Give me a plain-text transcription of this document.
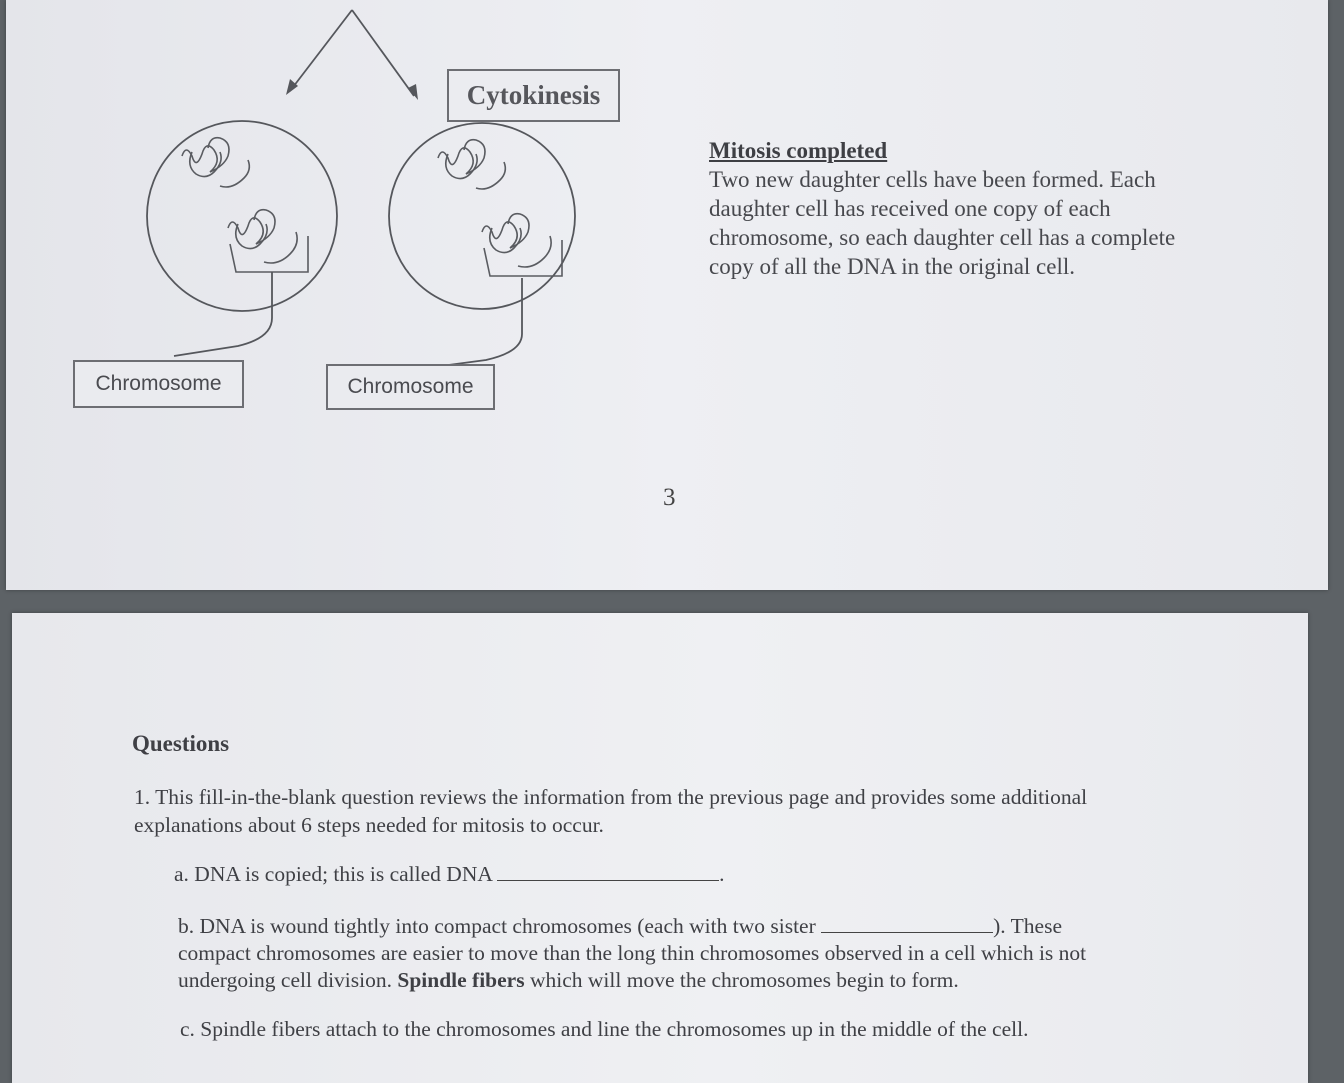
Cytokinesis
Chromosome	Chromosome
Mitosis completed
Two new daughter cells have been formed. Each
daughter cell has received one copy of each
chromosome, so each daughter cell has a complete
copy of all the DNA in the original cell.
3
Questions
1. This fill-in-the-blank question reviews the information from the previous page and provides some additional
explanations about 6 steps needed for mitosis to occur.
a. DNA is copied; this is called DNA	.
b. DNA is wound tightly into compact chromosomes (each with two sister	). These
compact chromosomes are easier to move than the long thin chromosomes observed in a cell which is not
undergoing cell division. Spindle fibers which will move the chromosomes begin to form.
c. Spindle fibers attach to the chromosomes and line the chromosomes up in the middle of the cell.
